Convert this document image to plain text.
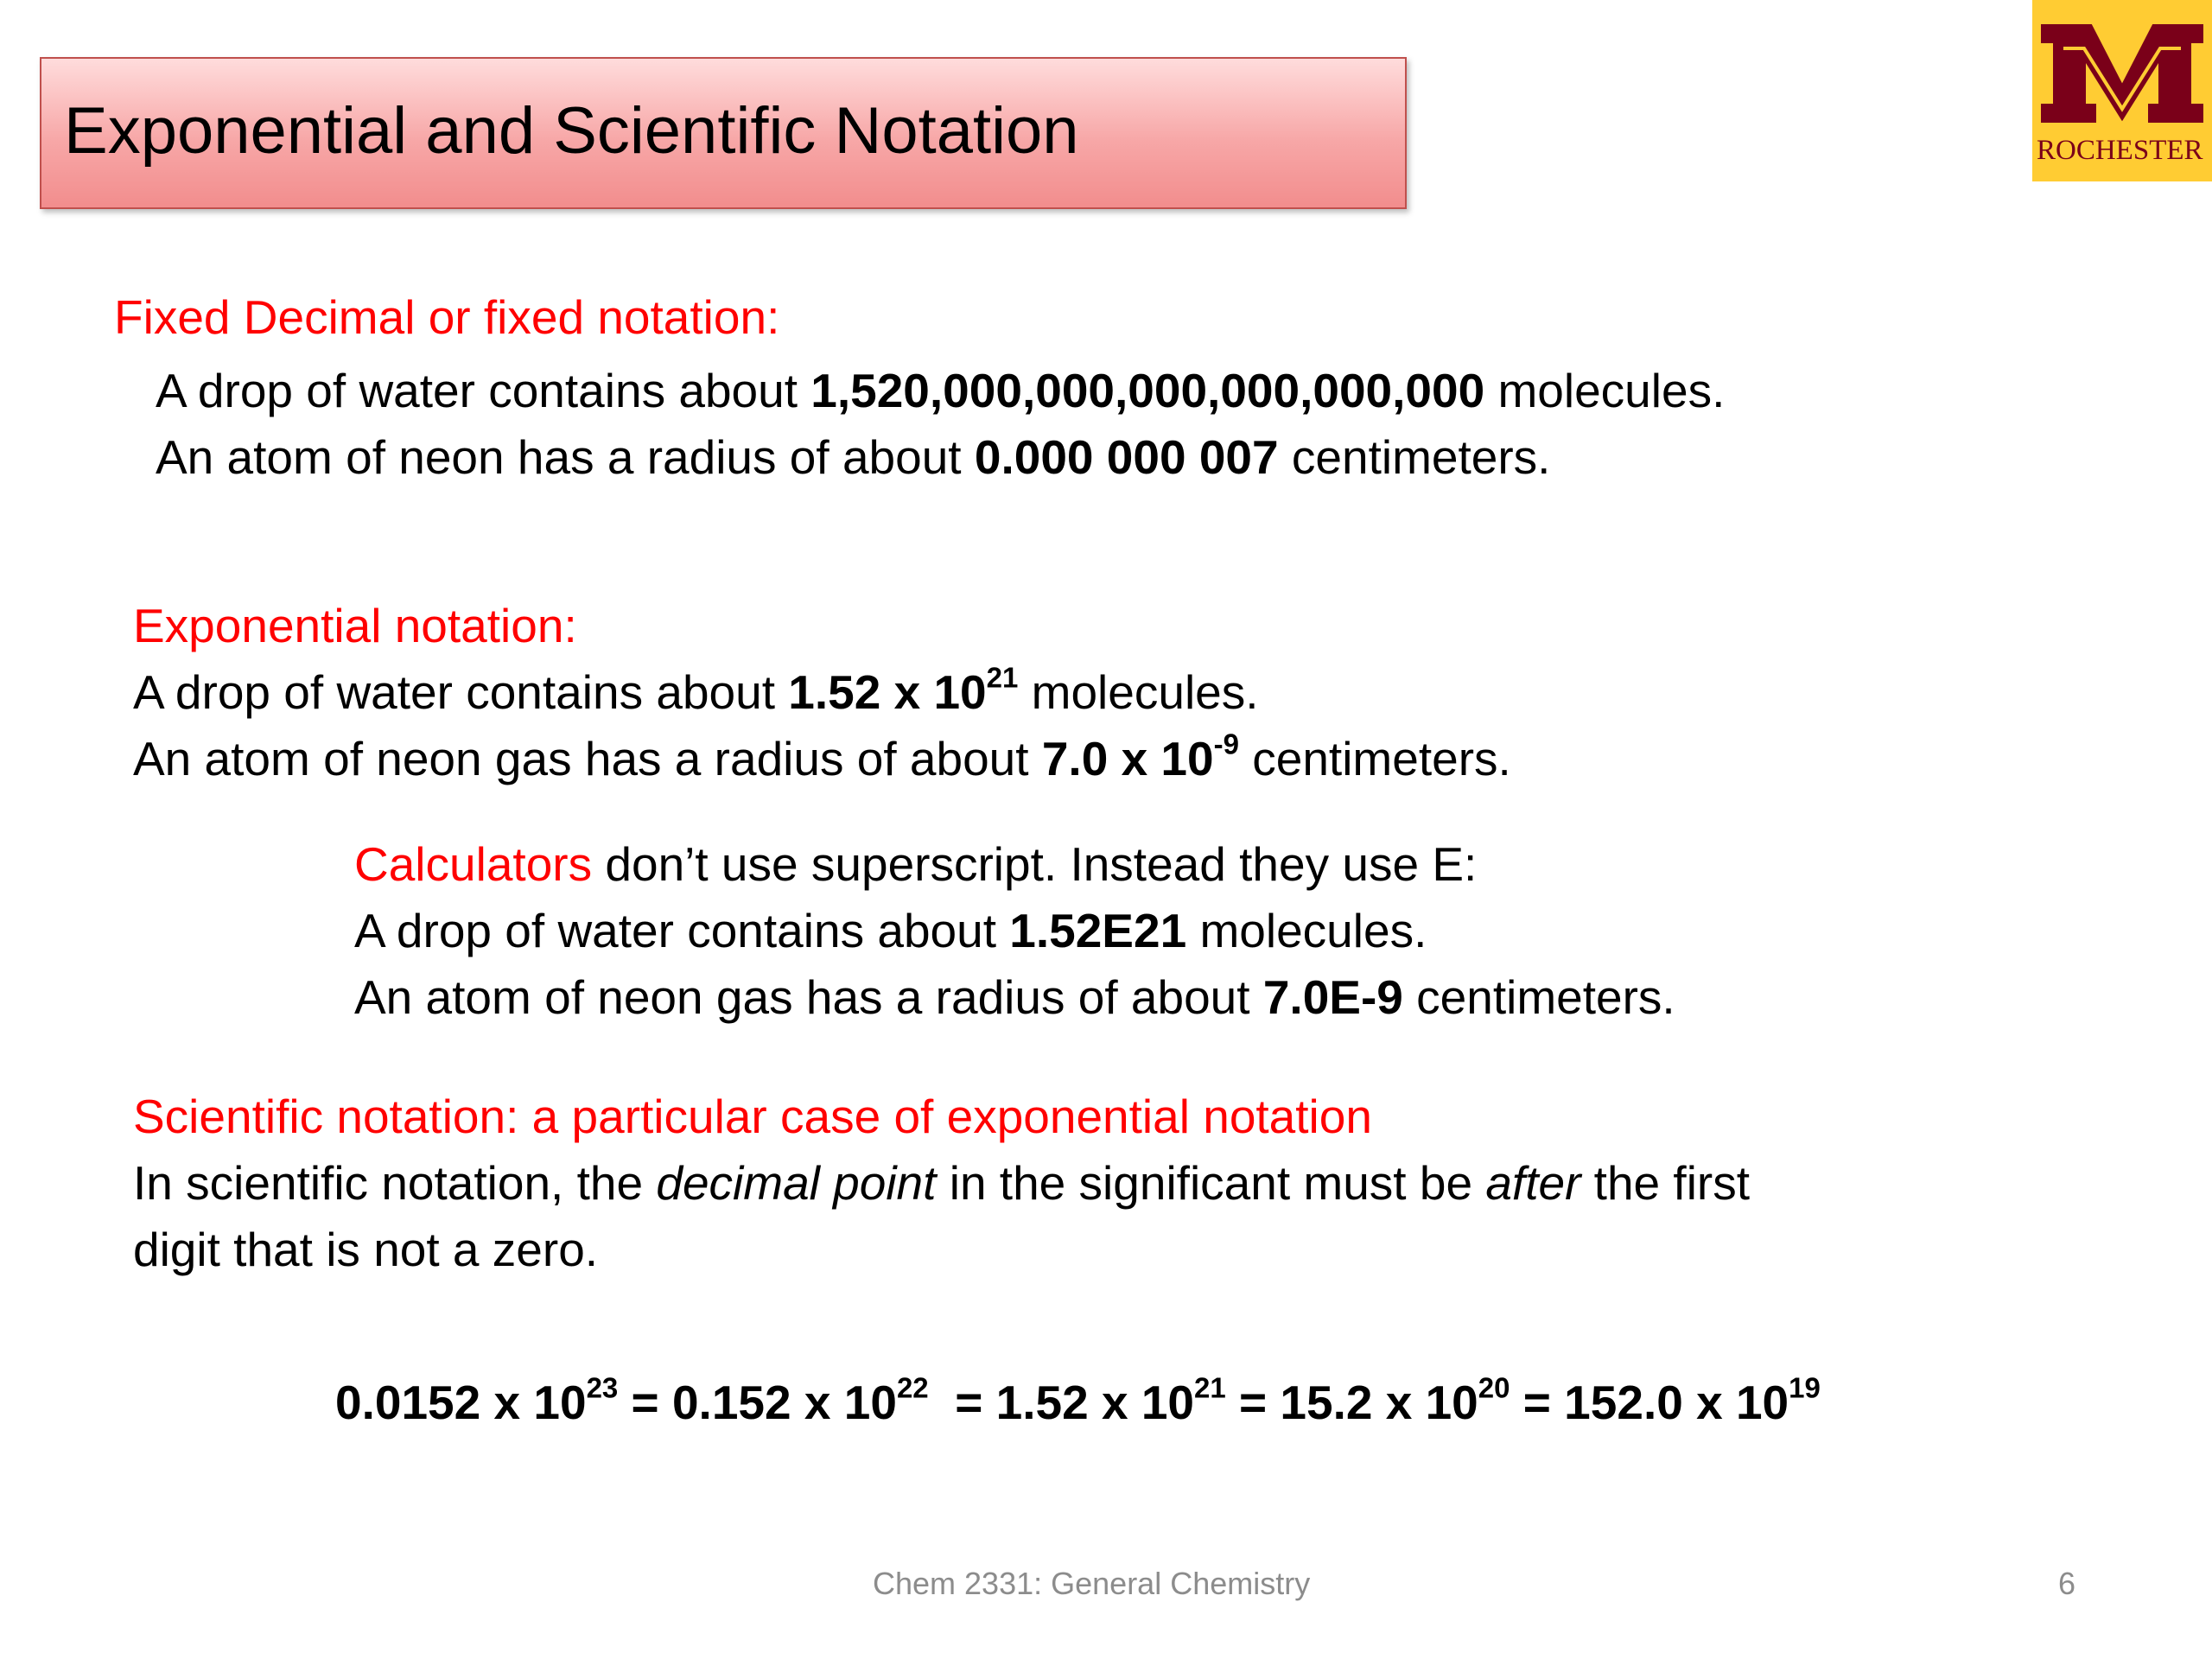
Exponential and Scientific Notation	ROCHESTER
Fixed Decimal or fixed notation:
A drop of water contains about 1,520,000,000,000,000,000,000 molecules.
An atom of neon has a radius of about 0.000 000 007 centimeters.
Exponential notation:
A drop of water contains about 1.52 x $10^{21}$ molecules.
An atom of neon gas has a radius of about 7.0 x $10^{-9}$ centimeters.
Calculators don’t use superscript. Instead they use E:
A drop of water contains about 1.52E21 molecules.
An atom of neon gas has a radius of about 7.0E-9 centimeters.
Scientific notation: a particular case of exponential notation
In scientific notation, the decimal point in the significant must be after the first
digit that is not a zero.
0.0152 x $10^{23} = 0.152$ x $10^{22} = 1.52$ x $10^{21} = 15.2$ x $10^{20} = 152.0$ x $10^{19}$
Chem 2331: General Chemistry	6
